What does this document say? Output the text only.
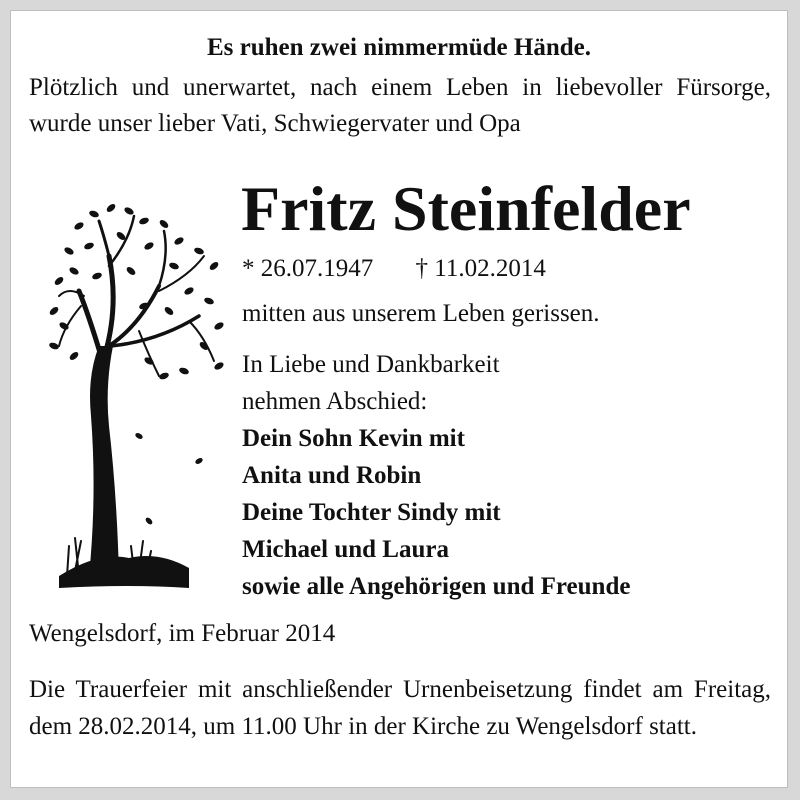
Es ruhen zwei nimmermüde Hände.

Plötzlich und unerwartet, nach einem Leben in liebevoller Fürsorge, wurde unser lieber Vati, Schwiegervater und Opa

Fritz Steinfelder

* 26.07.1947 † 11.02.2014

mitten aus unserem Leben gerissen.

In Liebe und Dankbarkeit
nehmen Abschied:
Dein Sohn Kevin mit
Anita und Robin
Deine Tochter Sindy mit
Michael und Laura
sowie alle Angehörigen und Freunde

Wengelsdorf, im Februar 2014

Die Trauerfeier mit anschließender Urnenbeisetzung findet am Freitag, dem 28.02.2014, um 11.00 Uhr in der Kirche zu Wengelsdorf statt.
